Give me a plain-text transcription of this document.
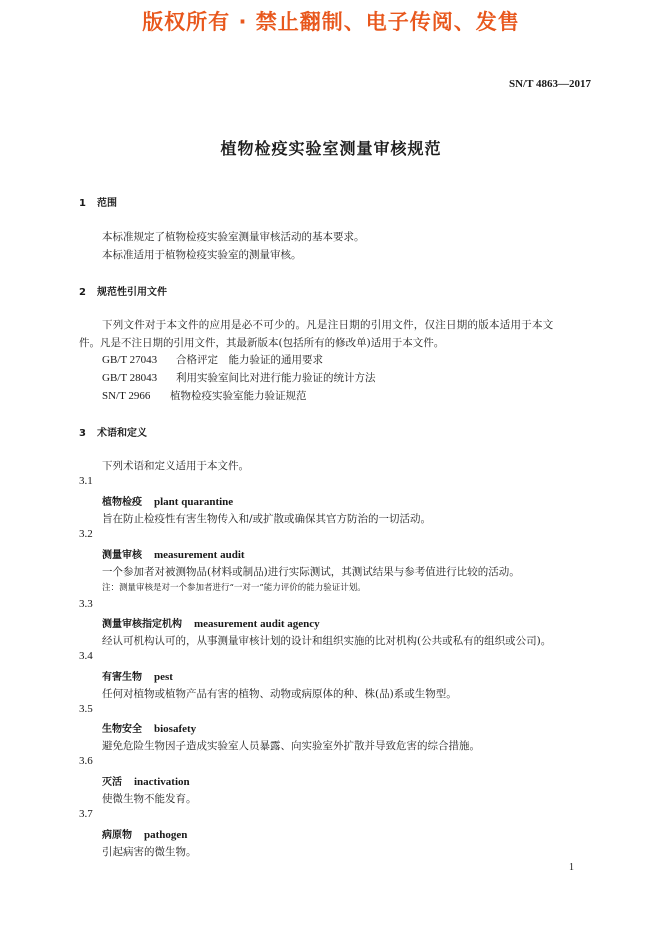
版权所有 · 禁止翻制、电子传阅、发售
SN/T 4863—2017
植物检疫实验室测量审核规范
1 范围
本标准规定了植物检疫实验室测量审核活动的基本要求。
本标准适用于植物检疫实验室的测量审核。
2 规范性引用文件
下列文件对于本文件的应用是必不可少的。凡是注日期的引用文件，仅注日期的版本适用于本文
件。凡是不注日期的引用文件，其最新版本(包括所有的修改单)适用于本文件。
GB/T 27043 合格评定　能力验证的通用要求
GB/T 28043 利用实验室间比对进行能力验证的统计方法
SN/T 2966 植物检疫实验室能力验证规范
3 术语和定义
下列术语和定义适用于本文件。
3.1
植物检疫 plant quarantine
旨在防止检疫性有害生物传入和/或扩散或确保其官方防治的一切活动。
3.2
测量审核 measurement audit
一个参加者对被测物品(材料或制品)进行实际测试，其测试结果与参考值进行比较的活动。
注：测量审核是对一个参加者进行“一对一”能力评价的能力验证计划。
3.3
测量审核指定机构 measurement audit agency
经认可机构认可的，从事测量审核计划的设计和组织实施的比对机构(公共或私有的组织或公司)。
3.4
有害生物 pest
任何对植物或植物产品有害的植物、动物或病原体的种、株(品)系或生物型。
3.5
生物安全 biosafety
避免危险生物因子造成实验室人员暴露、向实验室外扩散并导致危害的综合措施。
3.6
灭活 inactivation
使微生物不能发育。
3.7
病原物 pathogen
引起病害的微生物。
1
